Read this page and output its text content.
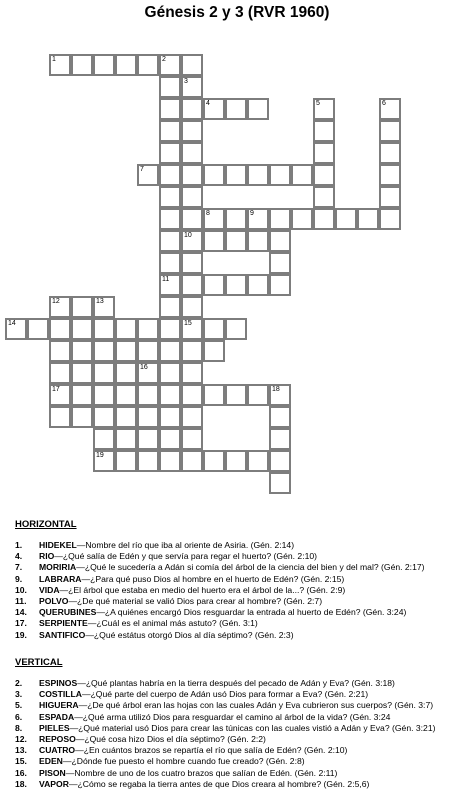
Génesis 2 y 3 (RVR 1960)
1	2
11
3
10
15
7
4	5	6
8	9
12	13
14
16
17	18
19
HORIZONTAL
1. HIDEKEL—Nombre del río que iba al oriente de Asiria. (Gén. 2:14)
4. RIO—¿Qué salía de Edén y que servía para regar el huerto? (Gén. 2:10)
7. MORIRIA—¿Qué le sucedería a Adán si comía del árbol de la ciencia del bien y del mal? (Gén. 2:17)
9. LABRARA—¿Para qué puso Dios al hombre en el huerto de Edén? (Gén. 2:15)
10. VIDA—¿El árbol que estaba en medio del huerto era el árbol de la...? (Gén. 2:9)
11. POLVO—¿De qué material se valió Dios para crear al hombre? (Gén. 2:7)
14. QUERUBINES—¿A quiénes encargó Dios resguardar la entrada al huerto de Edén? (Gén. 3:24)
17. SERPIENTE—¿Cuál es el animal más astuto? (Gén. 3:1)
19. SANTIFICO—¿Qué estátus otorgó Dios al día séptimo? (Gén. 2:3)
VERTICAL
2. ESPINOS—¿Qué plantas habría en la tierra después del pecado de Adán y Eva? (Gén. 3:18)
3. COSTILLA—¿Qué parte del cuerpo de Adán usó Dios para formar a Eva? (Gén. 2:21)
5. HIGUERA—¿De qué árbol eran las hojas con las cuales Adán y Eva cubrieron sus cuerpos? (Gén. 3:7)
6. ESPADA—¿Qué arma utilizó Dios para resguardar el camino al árbol de la vida? (Gén. 3:24
8. PIELES—¿Qué material usó Dios para crear las túnicas con las cuales vistió a Adán y Eva? (Gén. 3:21)
12. REPOSO—¿Qué cosa hizo Dios el día séptimo? (Gén. 2:2)
13. CUATRO—¿En cuántos brazos se repartía el río que salía de Edén? (Gén. 2:10)
15. EDEN—¿Dónde fue puesto el hombre cuando fue creado? (Gén. 2:8)
16. PISON—Nombre de uno de los cuatro brazos que salían de Edén. (Gén. 2:11)
18. VAPOR—¿Cómo se regaba la tierra antes de que Dios creara al hombre? (Gén. 2:5,6)
